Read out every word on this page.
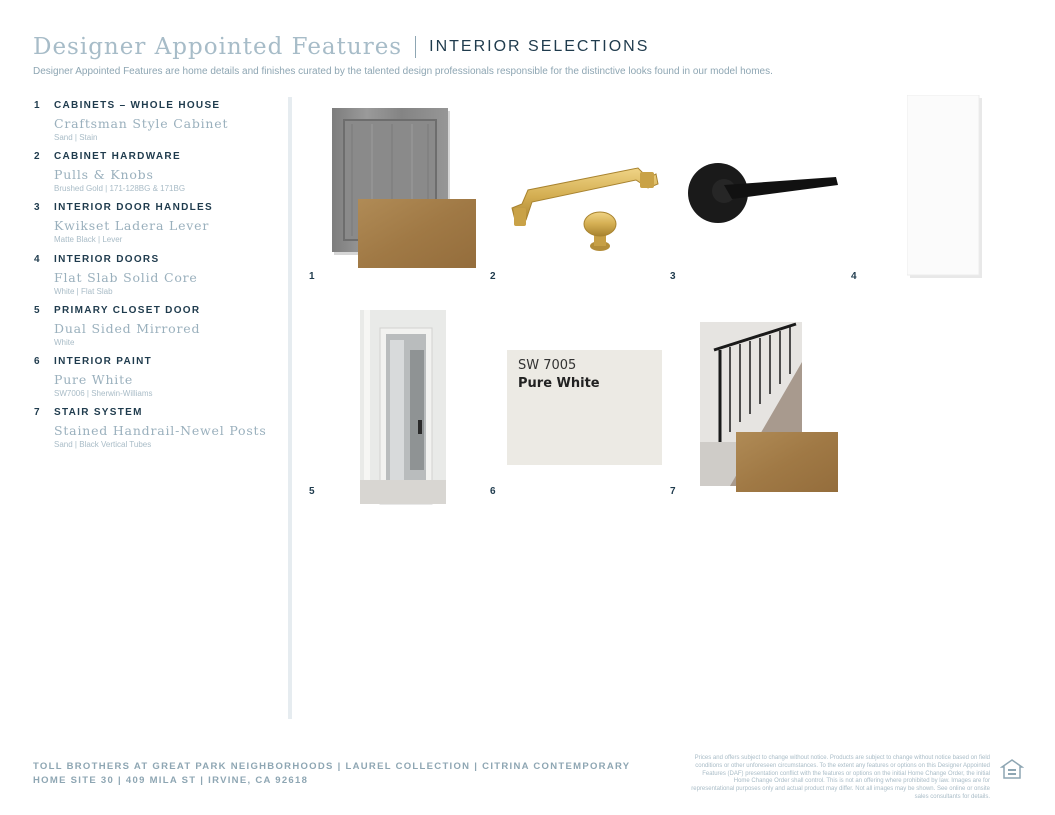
Designer Appointed Features INTERIOR SELECTIONS
Designer Appointed Features are home details and finishes curated by the talented design professionals responsible for the distinctive looks found in our model homes.
1 CABINETS – WHOLE HOUSE
Craftsman Style Cabinet
Sand | Stain
2 CABINET HARDWARE
Pulls & Knobs
Brushed Gold | 171-128BG & 171BG
3 INTERIOR DOOR HANDLES
Kwikset Ladera Lever
Matte Black | Lever
4 INTERIOR DOORS
Flat Slab Solid Core
White | Flat Slab
5 PRIMARY CLOSET DOOR
Dual Sided Mirrored
White
6 INTERIOR PAINT
Pure White
SW7006 | Sherwin-Williams
7 STAIR SYSTEM
Stained Handrail-Newel Posts
Sand | Black Vertical Tubes
SW 7005
Pure White
1	2	3	4
5	6	7
TOLL BROTHERS AT GREAT PARK NEIGHBORHOODS | LAUREL COLLECTION | CITRINA CONTEMPORARY
HOME SITE 30 | 409 MILA ST | IRVINE, CA 92618
Prices and offers subject to change without notice. Products are subject to change without notice based on field conditions or other unforeseen circumstances. To the extent any features or options on this Designer Appointed Features (DAF) presentation conflict with the features or options on the initial Home Change Order, the initial Home Change Order shall control. This is not an offering where prohibited by law. Images are for representational purposes only and actual product may differ. Not all images may be shown. See online or onsite sales consultants for details.
